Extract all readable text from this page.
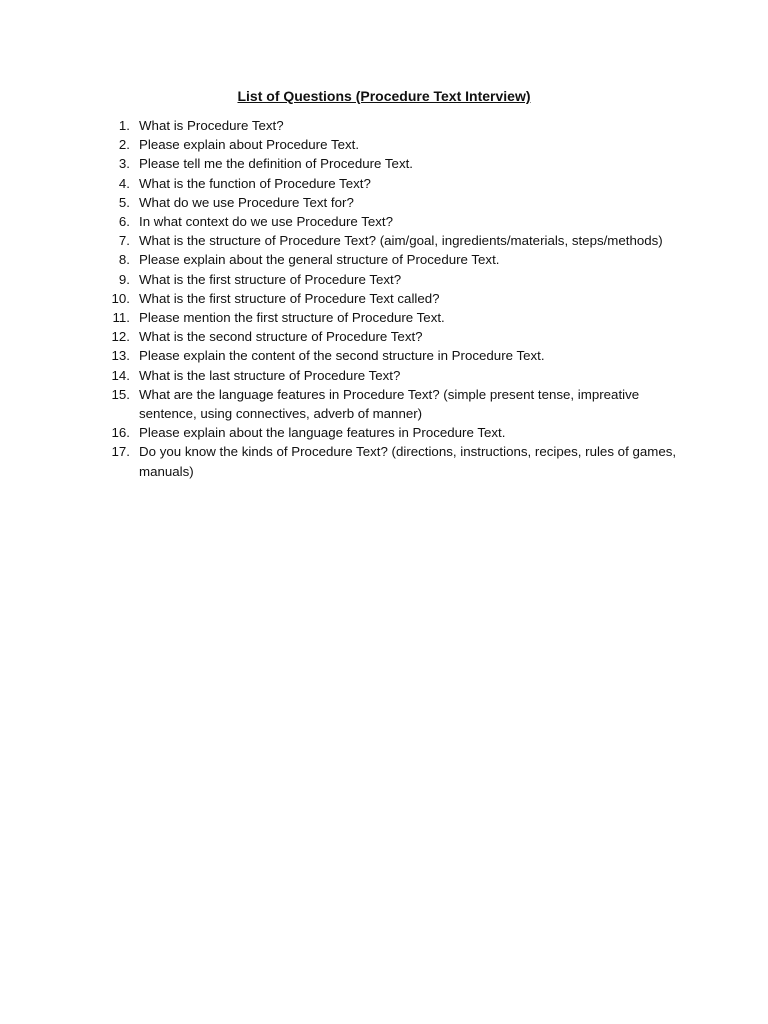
List of Questions (Procedure Text Interview)
1. What is Procedure Text?
2. Please explain about Procedure Text.
3. Please tell me the definition of Procedure Text.
4. What is the function of Procedure Text?
5. What do we use Procedure Text for?
6. In what context do we use Procedure Text?
7. What is the structure of Procedure Text? (aim/goal, ingredients/materials, steps/methods)
8. Please explain about the general structure of Procedure Text.
9. What is the first structure of Procedure Text?
10. What is the first structure of Procedure Text called?
11. Please mention the first structure of Procedure Text.
12. What is the second structure of Procedure Text?
13. Please explain the content of the second structure in Procedure Text.
14. What is the last structure of Procedure Text?
15. What are the language features in Procedure Text? (simple present tense, impreative sentence, using connectives, adverb of manner)
16. Please explain about the language features in Procedure Text.
17. Do you know the kinds of Procedure Text? (directions, instructions, recipes, rules of games, manuals)
